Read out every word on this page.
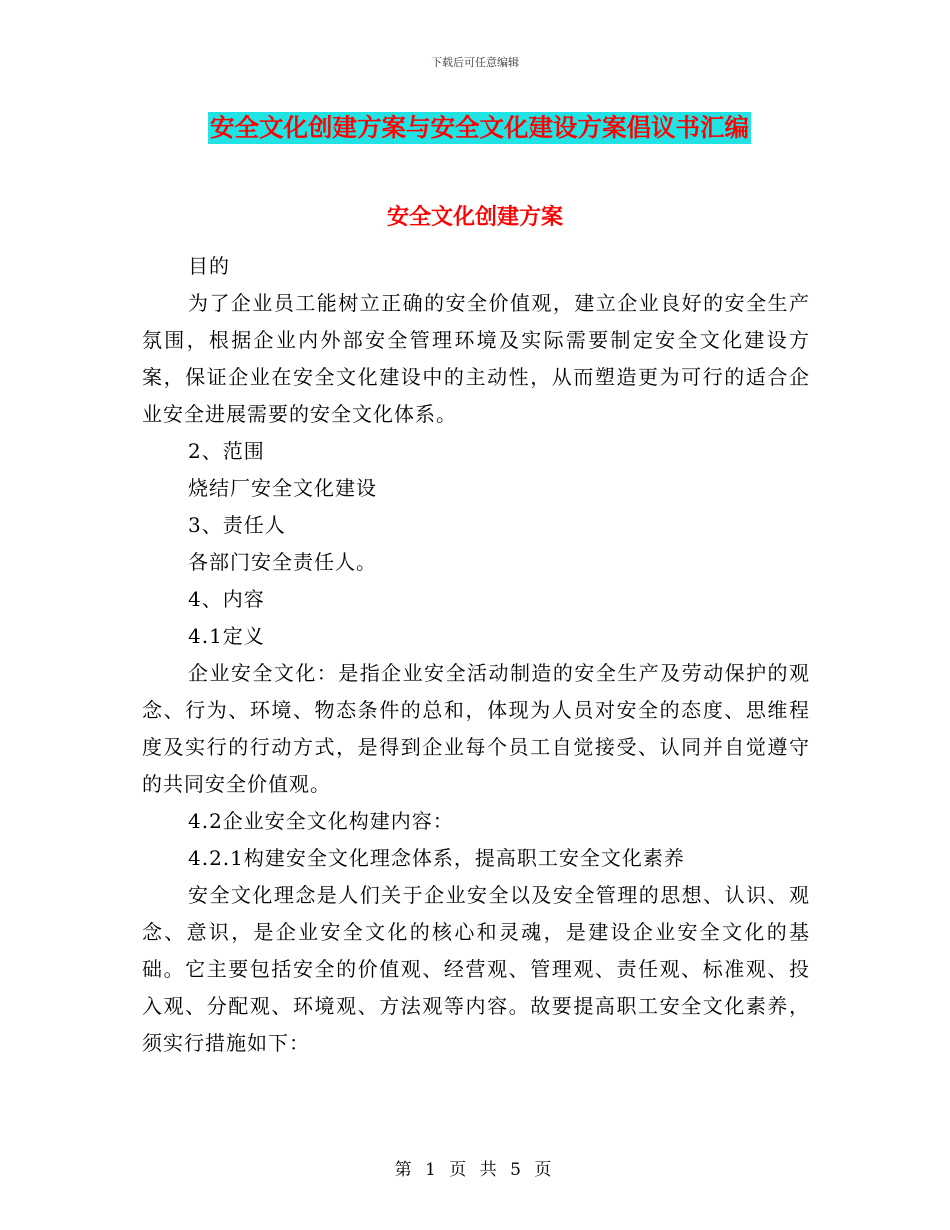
下载后可任意编辑
安全文化创建方案与安全文化建设方案倡议书汇编
安全文化创建方案

目的

为了企业员工能树立正确的安全价值观，建立企业良好的安全生产氛围，根据企业内外部安全管理环境及实际需要制定安全文化建设方案，保证企业在安全文化建设中的主动性，从而塑造更为可行的适合企业安全进展需要的安全文化体系。

2、范围

烧结厂安全文化建设

3、责任人

各部门安全责任人。

4、内容

4.1定义

企业安全文化：是指企业安全活动制造的安全生产及劳动保护的观念、行为、环境、物态条件的总和，体现为人员对安全的态度、思维程度及实行的行动方式，是得到企业每个员工自觉接受、认同并自觉遵守的共同安全价值观。

4.2企业安全文化构建内容：

4.2.1构建安全文化理念体系，提高职工安全文化素养

安全文化理念是人们关于企业安全以及安全管理的思想、认识、观念、意识，是企业安全文化的核心和灵魂，是建设企业安全文化的基础。它主要包括安全的价值观、经营观、管理观、责任观、标准观、投入观、分配观、环境观、方法观等内容。故要提高职工安全文化素养，须实行措施如下：

第 1 页 共 5 页
